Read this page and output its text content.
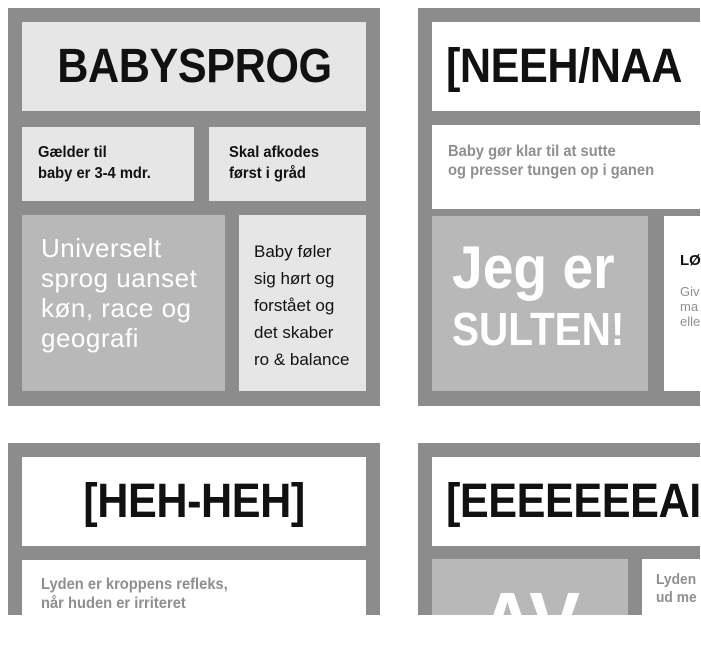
BABYSPROG
Gælder til
baby er 3-4 mdr.
Skal afkodes
først i gråd
Universelt
sprog uanset
køn, race og
geografi
Baby føler
sig hørt og
forstået og
det skaber
ro & balance
[NEEH/NAA
Baby gør klar til at sutte
og presser tungen op i ganen
Jeg er
SULTEN!
LØ
Giv
ma
elle
[HEH-HEH]
Lyden er kroppens refleks,
når huden er irriteret
[EEEEEEEAI
AV	Lyden
ud me
